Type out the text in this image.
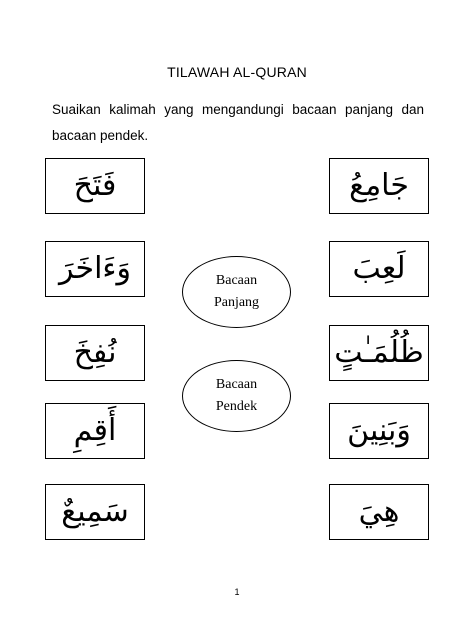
TILAWAH AL-QURAN
Suaikan kalimah yang mengandungi bacaan panjang dan bacaan pendek.
فَتَحَ
وَءَاخَرَ
نُفِخَ
أَقِمِ
سَمِيعٌ
جَامِعُ
لَعِبَ
ظُلُمَـٰتٍ
وَبَنِينَ
هِيَ
Bacaan
Panjang
Bacaan
Pendek
1
